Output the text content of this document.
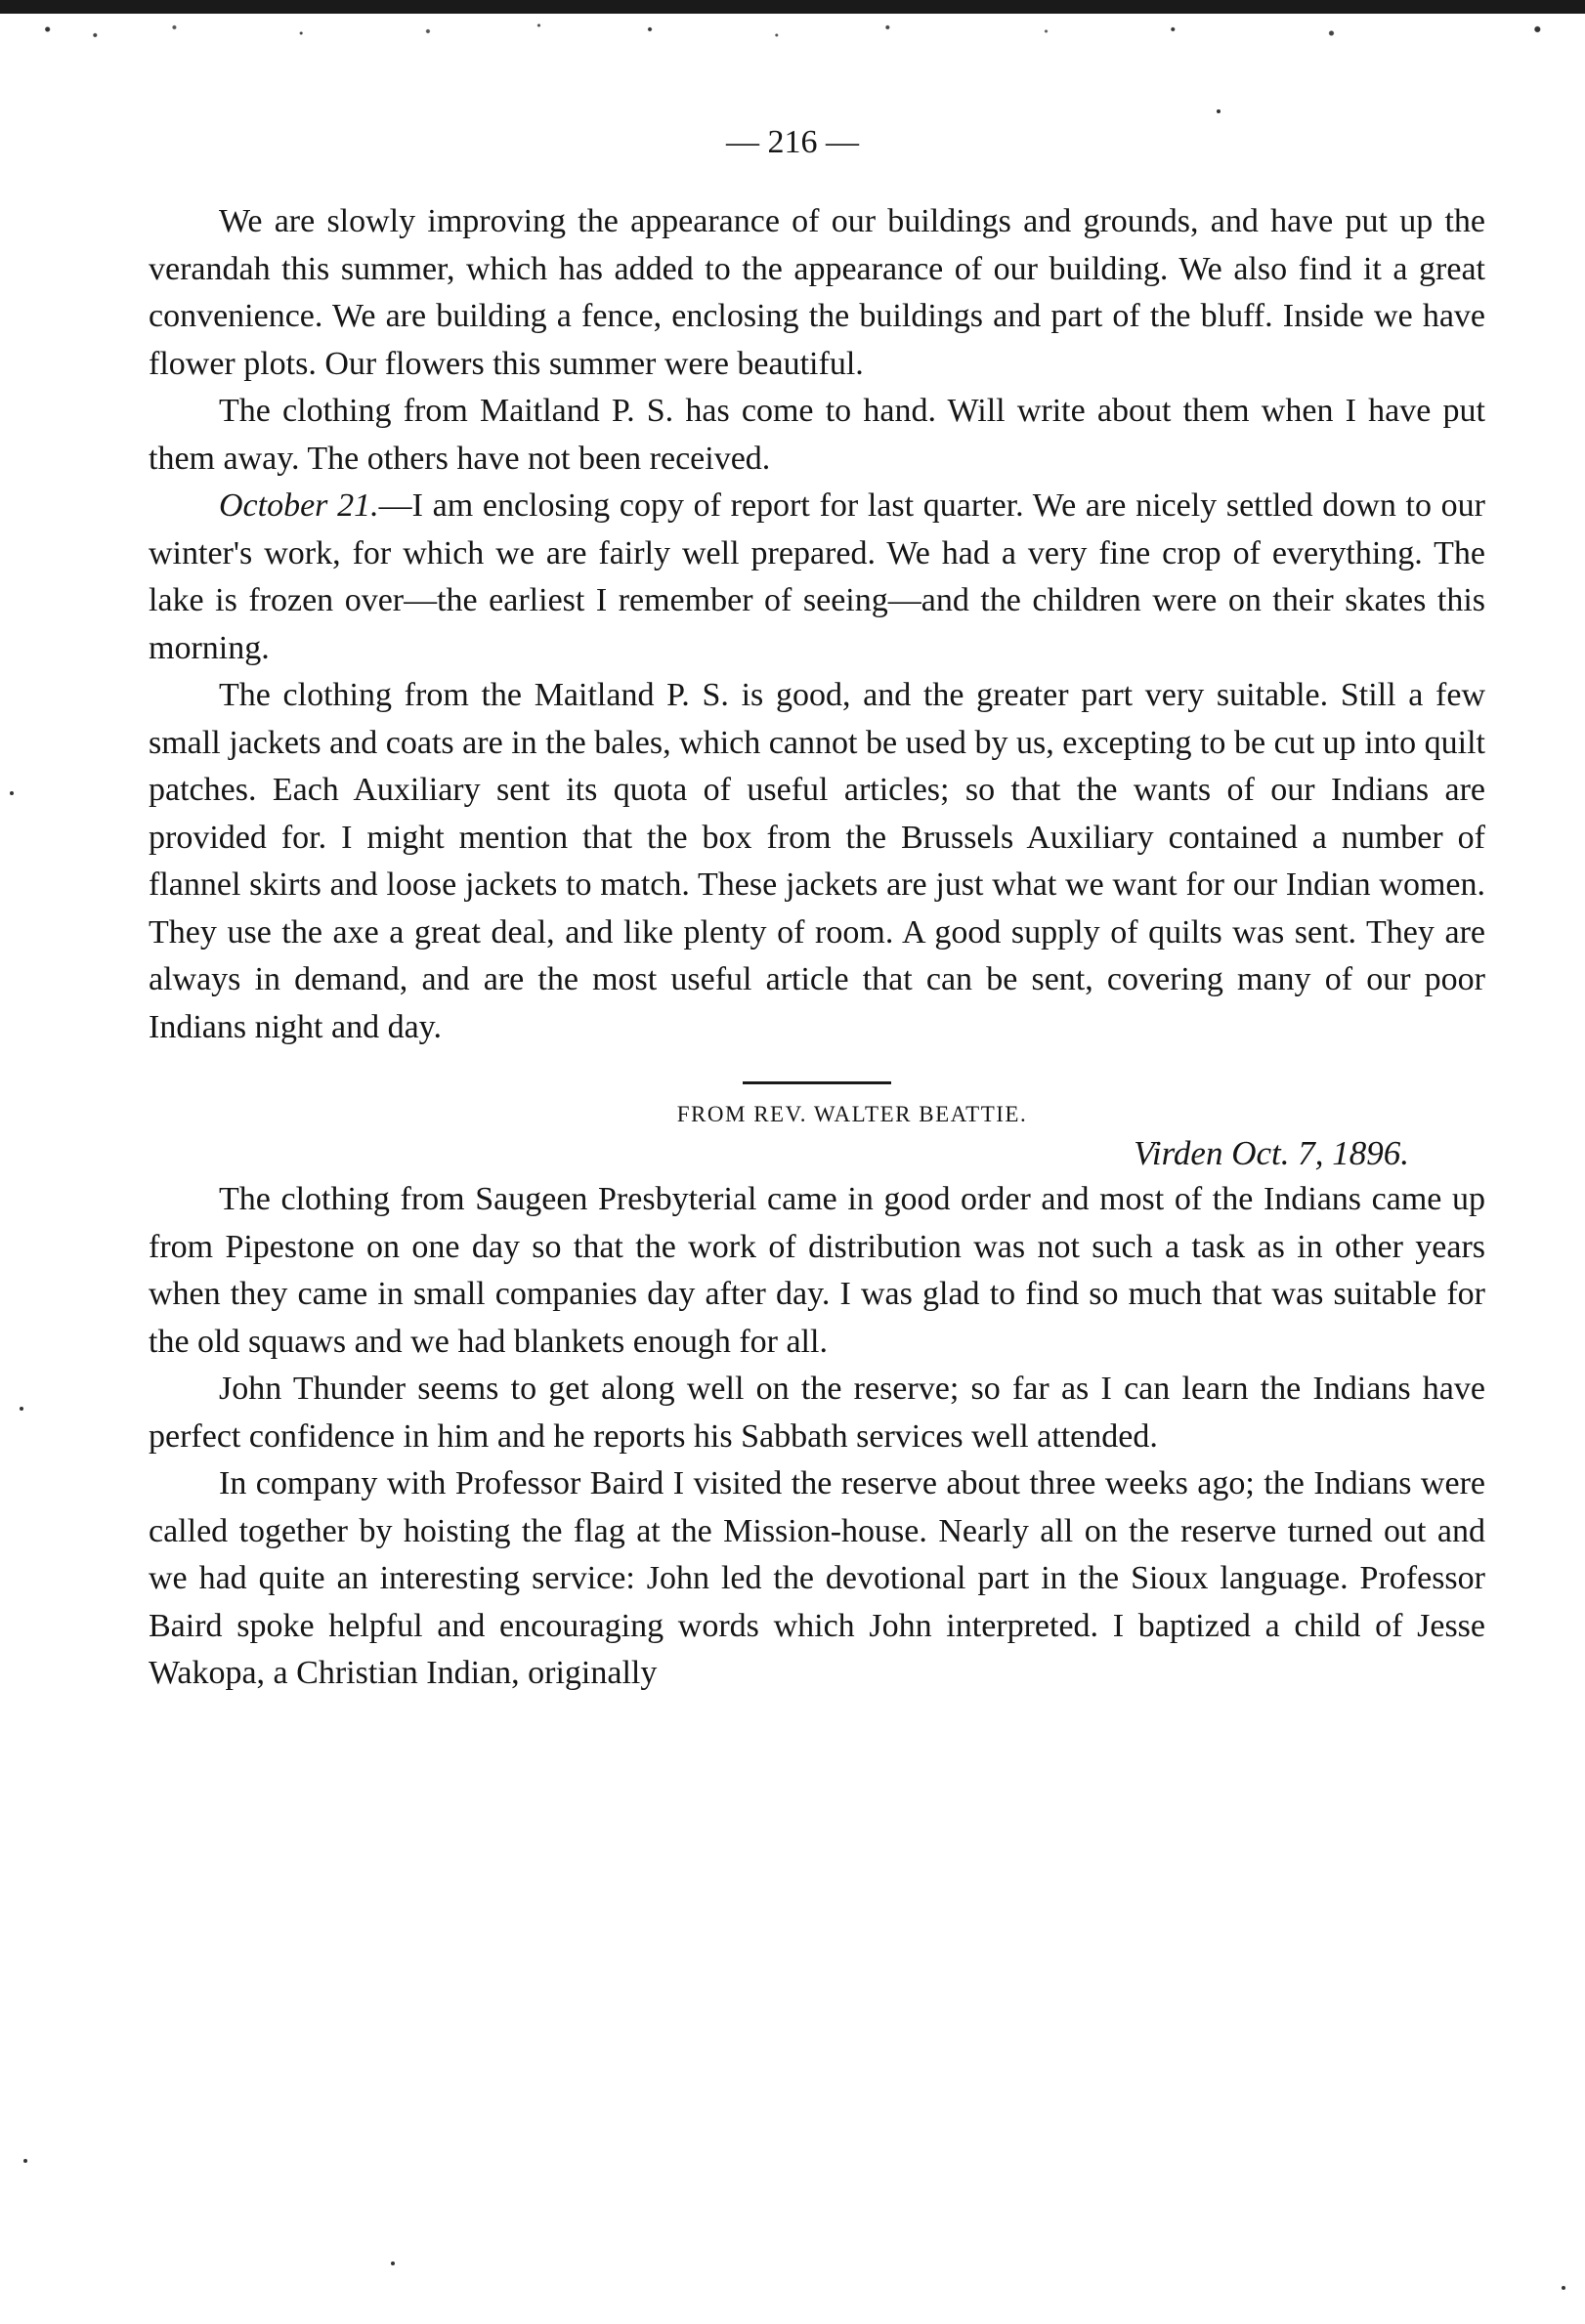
— 216 —

We are slowly improving the appearance of our buildings and grounds, and have put up the verandah this summer, which has added to the appearance of our building. We also find it a great convenience. We are building a fence, enclosing the buildings and part of the bluff. Inside we have flower plots. Our flowers this summer were beautiful.

The clothing from Maitland P. S. has come to hand. Will write about them when I have put them away. The others have not been received.

October 21.—I am enclosing copy of report for last quarter. We are nicely settled down to our winter's work, for which we are fairly well prepared. We had a very fine crop of everything. The lake is frozen over—the earliest I remember of seeing—and the children were on their skates this morning.

The clothing from the Maitland P. S. is good, and the greater part very suitable. Still a few small jackets and coats are in the bales, which cannot be used by us, excepting to be cut up into quilt patches. Each Auxiliary sent its quota of useful articles; so that the wants of our Indians are provided for. I might mention that the box from the Brussels Auxiliary contained a number of flannel skirts and loose jackets to match. These jackets are just what we want for our Indian women. They use the axe a great deal, and like plenty of room. A good supply of quilts was sent. They are always in demand, and are the most useful article that can be sent, covering many of our poor Indians night and day.

FROM REV. WALTER BEATTIE.

Virden Oct. 7, 1896.

The clothing from Saugeen Presbyterial came in good order and most of the Indians came up from Pipestone on one day so that the work of distribution was not such a task as in other years when they came in small companies day after day. I was glad to find so much that was suitable for the old squaws and we had blankets enough for all.

John Thunder seems to get along well on the reserve; so far as I can learn the Indians have perfect confidence in him and he reports his Sabbath services well attended.

In company with Professor Baird I visited the reserve about three weeks ago; the Indians were called together by hoisting the flag at the Mission-house. Nearly all on the reserve turned out and we had quite an interesting service: John led the devotional part in the Sioux language. Professor Baird spoke helpful and encouraging words which John interpreted. I baptized a child of Jesse Wakopa, a Christian Indian, originally
